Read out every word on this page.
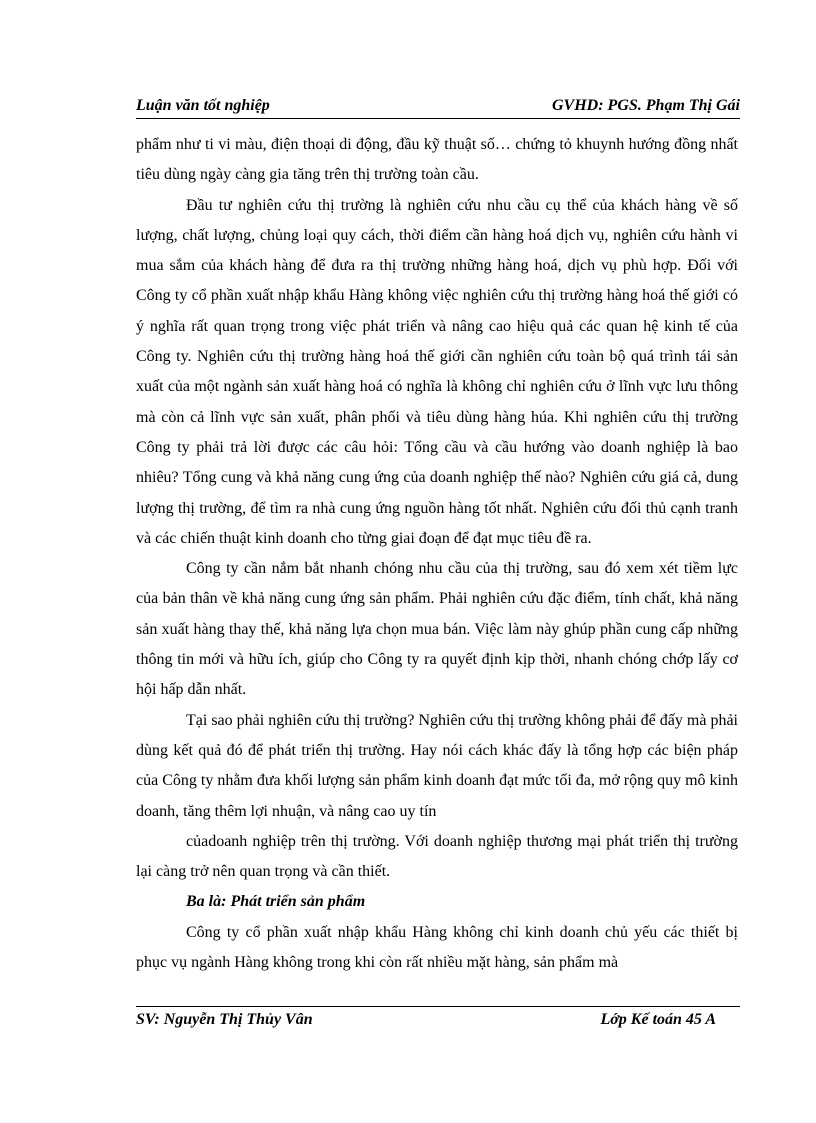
Luận văn tốt nghiệp	GVHD: PGS. Phạm Thị Gái

phẩm như ti vi màu, điện thoại di động, đầu kỹ thuật số… chứng tỏ khuynh hướng đồng nhất tiêu dùng ngày càng gia tăng trên thị trường toàn cầu.

Đầu tư nghiên cứu thị trường là nghiên cứu nhu cầu cụ thể của khách hàng về số lượng, chất lượng, chủng loại quy cách, thời điểm cần hàng hoá dịch vụ, nghiên cứu hành vi mua sắm của khách hàng để đưa ra thị trường những hàng hoá, dịch vụ phù hợp. Đối với Công ty cổ phần xuất nhập khẩu Hàng không việc nghiên cứu thị trường hàng hoá thế giới có ý nghĩa rất quan trọng trong việc phát triển và nâng cao hiệu quả các quan hệ kinh tế của Công ty. Nghiên cứu thị trường hàng hoá thế giới cần nghiên cứu toàn bộ quá trình tái sản xuất của một ngành sản xuất hàng hoá có nghĩa là không chỉ nghiên cứu ở lĩnh vực lưu thông mà còn cả lĩnh vực sản xuất, phân phối và tiêu dùng hàng húa. Khi nghiên cứu thị trường Công ty phải trả lời được các câu hỏi: Tổng cầu và cầu hướng vào doanh nghiệp là bao nhiêu? Tổng cung và khả năng cung ứng của doanh nghiệp thế nào? Nghiên cứu giá cả, dung lượng thị trường, để tìm ra nhà cung ứng nguồn hàng tốt nhất. Nghiên cứu đối thủ cạnh tranh và các chiến thuật kinh doanh cho từng giai đoạn để đạt mục tiêu đề ra.

Công ty cần nắm bắt nhanh chóng nhu cầu của thị trường, sau đó xem xét tiềm lực của bản thân về khả năng cung ứng sản phẩm. Phải nghiên cứu đặc điểm, tính chất, khả năng sản xuất hàng thay thế, khả năng lựa chọn mua bán. Việc làm này ghúp phần cung cấp những thông tin mới và hữu ích, giúp cho Công ty ra quyết định kịp thời, nhanh chóng chớp lấy cơ hội hấp dẫn nhất.

Tại sao phải nghiên cứu thị trường? Nghiên cứu thị trường không phải để đấy mà phải dùng kết quả đó để phát triển thị trường. Hay nói cách khác đấy là tổng hợp các biện pháp của Công ty nhằm đưa khối lượng sản phẩm kinh doanh đạt mức tối đa, mở rộng quy mô kinh doanh, tăng thêm lợi nhuận, và nâng cao uy tín

củadoanh nghiệp trên thị trường. Với doanh nghiệp thương mại phát triển thị trường lại càng trở nên quan trọng và cần thiết.

Ba là: Phát triển sản phẩm

Công ty cổ phần xuất nhập khẩu Hàng không chỉ kinh doanh chủ yếu các thiết bị phục vụ ngành Hàng không trong khi còn rất nhiều mặt hàng, sản phẩm mà

SV: Nguyễn Thị Thủy Vân	Lớp Kế toán 45 A
